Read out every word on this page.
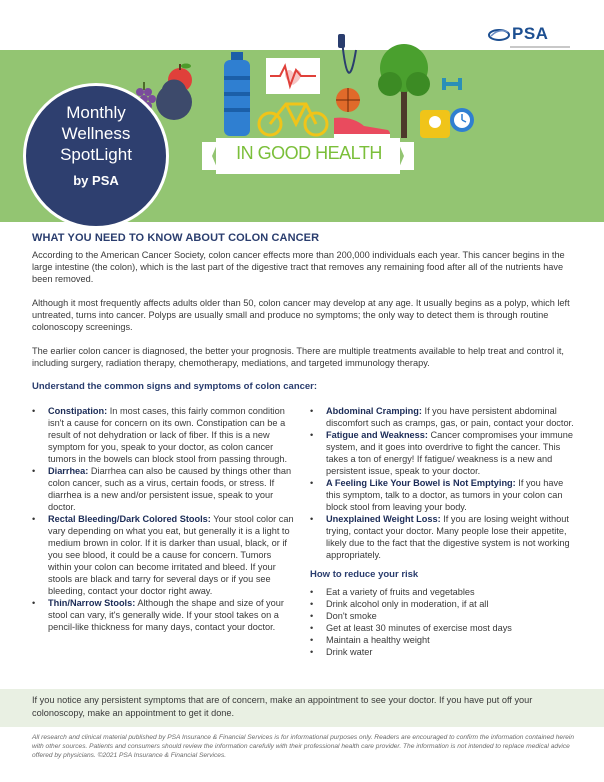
PSA
IN GOOD HEALTH
Monthly
Wellness
SpotLight
by PSA
WHAT YOU NEED TO KNOW ABOUT COLON CANCER
According to the American Cancer Society, colon cancer effects more than 200,000 individuals each year. This cancer begins in the large intestine (the colon), which is the last part of the digestive tract that removes any remaining food after all of the nutrients have been removed.
Although it most frequently affects adults older than 50, colon cancer may develop at any age. It usually begins as a polyp, which left untreated, turns into cancer. Polyps are usually small and produce no symptoms; the only way to detect them is through routine colonoscopy screenings.
The earlier colon cancer is diagnosed, the better your prognosis. There are multiple treatments available to help treat and control it, including surgery, radiation therapy, chemotherapy, mediations, and targeted immunology therapy.
Understand the common signs and symptoms of colon cancer:
• Constipation: In most cases, this fairly common condition isn't a cause for concern on its own. Constipation can be a result of not dehydration or lack of fiber. If this is a new symptom for you, speak to your doctor, as colon cancer tumors in the bowels can block stool from passing through.
• Diarrhea: Diarrhea can also be caused by things other than colon cancer, such as a virus, certain foods, or stress. If diarrhea is a new and/or persistent issue, speak to your doctor.
• Rectal Bleeding/Dark Colored Stools: Your stool color can vary depending on what you eat, but generally it is a light to medium brown in color. If it is darker than usual, black, or if you see blood, it could be a cause for concern. Tumors within your colon can become irritated and bleed. If your stools are black and tarry for several days or if you see bleeding, contact your doctor right away.
• Thin/Narrow Stools: Although the shape and size of your stool can vary, it's generally wide. If your stool takes on a pencil-like thickness for many days, contact your doctor.
• Abdominal Cramping: If you have persistent abdominal discomfort such as cramps, gas, or pain, contact your doctor.
• Fatigue and Weakness: Cancer compromises your immune system, and it goes into overdrive to fight the cancer. This takes a ton of energy! If fatigue/ weakness is a new and persistent issue, speak to your doctor.
• A Feeling Like Your Bowel is Not Emptying: If you have this symptom, talk to a doctor, as tumors in your colon can block stool from leaving your body.
• Unexplained Weight Loss: If you are losing weight without trying, contact your doctor. Many people lose their appetite, likely due to the fact that the digestive system is not working appropriately.
How to reduce your risk
• Eat a variety of fruits and vegetables
• Drink alcohol only in moderation, if at all
• Don't smoke
• Get at least 30 minutes of exercise most days
• Maintain a healthy weight
• Drink water
If you notice any persistent symptoms that are of concern, make an appointment to see your doctor. If you have put off your colonoscopy, make an appointment to get it done.
All research and clinical material published by PSA Insurance & Financial Services is for informational purposes only. Readers are encouraged to confirm the information contained herein with other sources. Patients and consumers should review the information carefully with their professional health care provider. The information is not intended to replace medical advice offered by physicians. ©2021 PSA Insurance & Financial Services.
